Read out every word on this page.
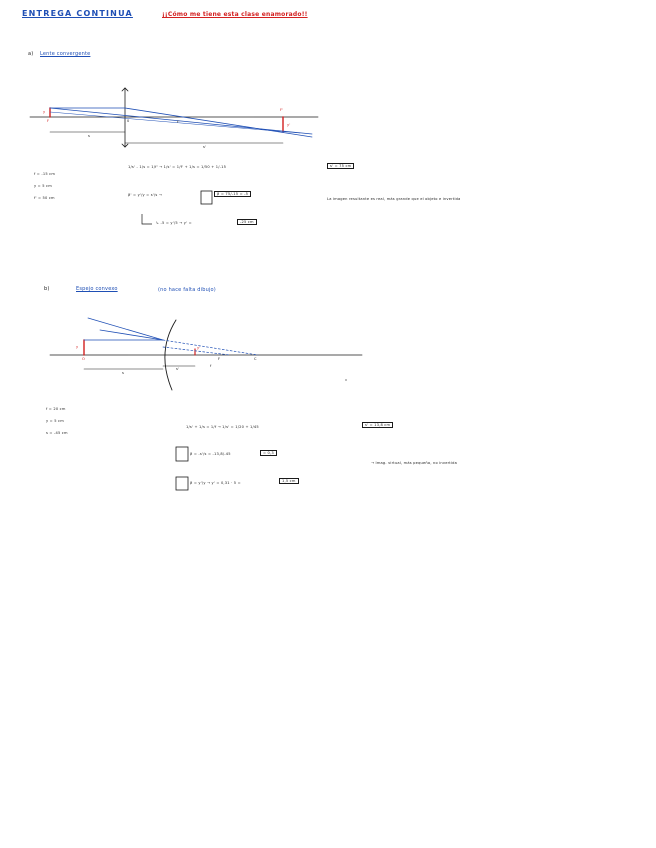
ENTREGA CONTINUA	¡¡Cómo me tiene esta clase enamorado!!
a) Lente convergente
y
F	0
y'
F'
s
f'
s'
f = -15 cm
y = 5 cm
f' = 50 cm
1/s' - 1/s = 1/f' → 1/s' = 1/f' + 1/s = 1/50 + 1/-15	s' = 75 cm
β' = y'/y = s'/s →	β = 75/-15 = -5
↳ -5 = y'/5 → y' =	-25 cm
La imagen resultante es real, más grande que el objeto e invertida
b)	Espejo convexo	(no hace falta dibujo)
y
O
y'
C
F
s
s'
f
f = 20 cm
y = 5 cm
s = -45 cm
1/s' + 1/s = 1/f → 1/s' = 1/20 + 1/45	s' = 13,8 cm
β = -s'/s = -13,8/-45	= 0,3
β = y'/y → y' = 0,31 · 5 =	1,5 cm
→ Imag. virtual, más pequeña, no invertida
